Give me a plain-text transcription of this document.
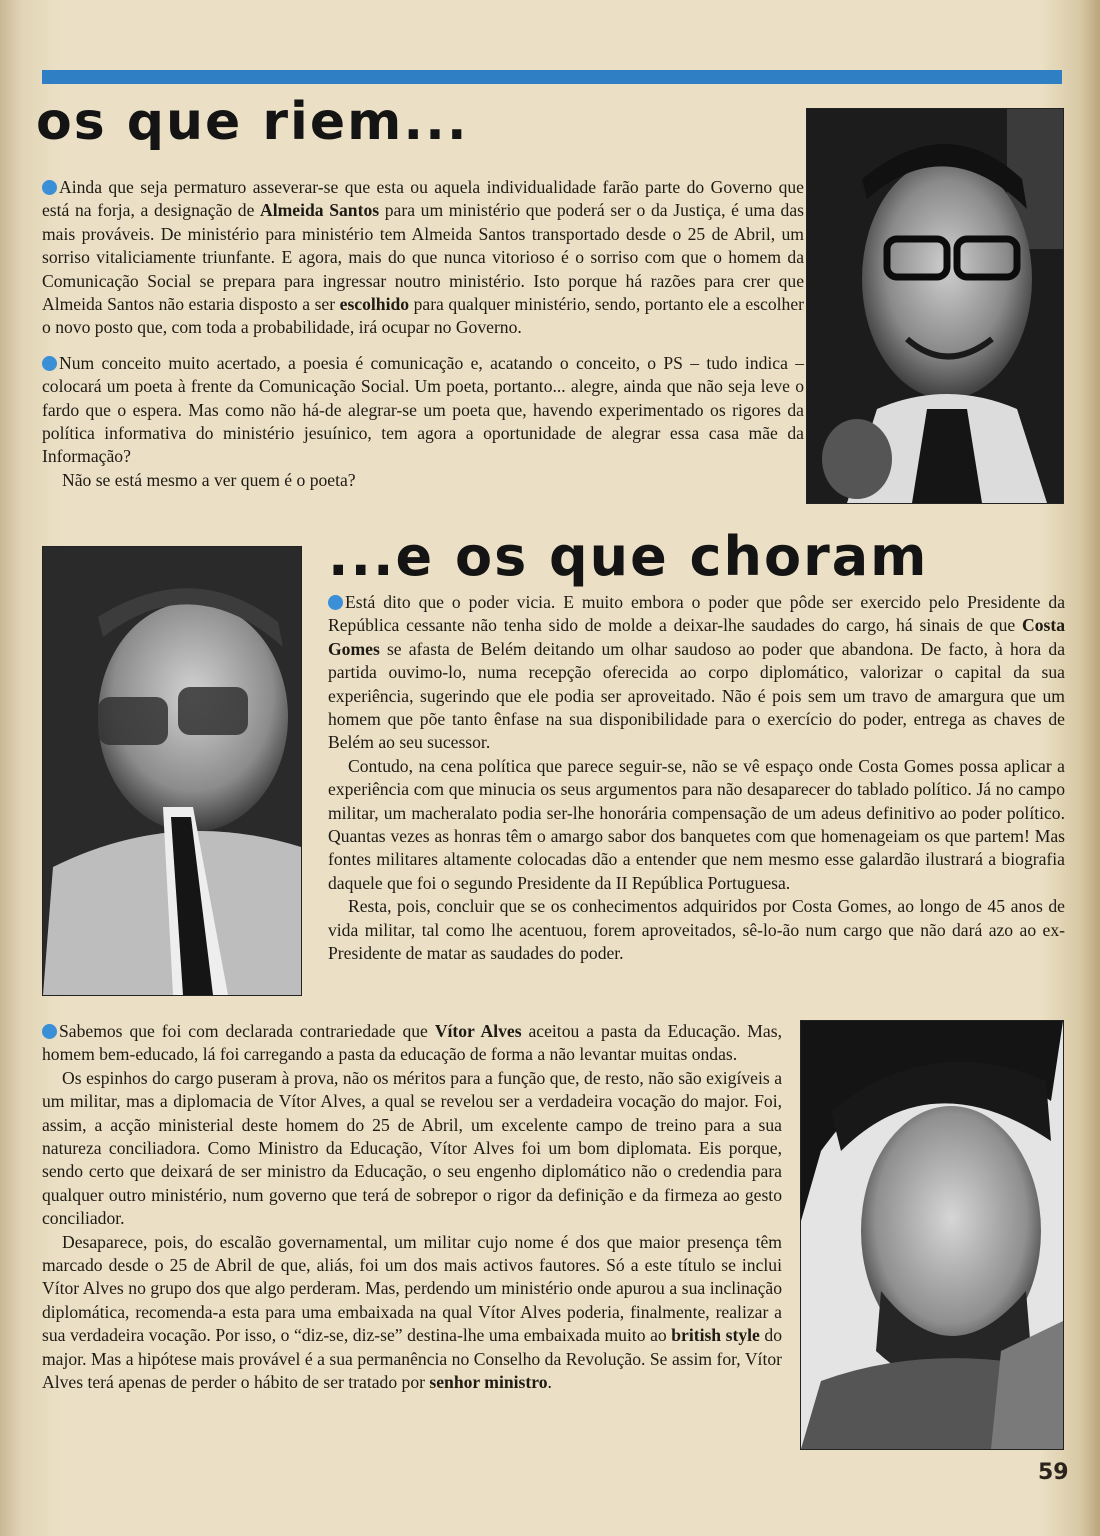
os que riem...

Ainda que seja permaturo asseverar-se que esta ou aquela individualidade farão parte do Governo que está na forja, a designação de Almeida Santos para um ministério que poderá ser o da Justiça, é uma das mais prováveis. De ministério para ministério tem Almeida Santos transportado desde o 25 de Abril, um sorriso vitaliciamente triunfante. E agora, mais do que nunca vitorioso é o sorriso com que o homem da Comunicação Social se prepara para ingressar noutro ministério. Isto porque há razões para crer que Almeida Santos não estaria disposto a ser escolhido para qualquer ministério, sendo, portanto ele a escolher o novo posto que, com toda a probabilidade, irá ocupar no Governo.

Num conceito muito acertado, a poesia é comunicação e, acatando o conceito, o PS – tudo indica – colocará um poeta à frente da Comunicação Social. Um poeta, portanto... alegre, ainda que não seja leve o fardo que o espera. Mas como não há-de alegrar-se um poeta que, havendo experimentado os rigores da política informativa do ministério jesuínico, tem agora a oportunidade de alegrar essa casa mãe da Informação?

Não se está mesmo a ver quem é o poeta?

...e os que choram

Está dito que o poder vicia. E muito embora o poder que pôde ser exercido pelo Presidente da República cessante não tenha sido de molde a deixar-lhe saudades do cargo, há sinais de que Costa Gomes se afasta de Belém deitando um olhar saudoso ao poder que abandona. De facto, à hora da partida ouvimo-lo, numa recepção oferecida ao corpo diplomático, valorizar o capital da sua experiência, sugerindo que ele podia ser aproveitado. Não é pois sem um travo de amargura que um homem que põe tanto ênfase na sua disponibilidade para o exercício do poder, entrega as chaves de Belém ao seu sucessor.

Contudo, na cena política que parece seguir-se, não se vê espaço onde Costa Gomes possa aplicar a experiência com que minucia os seus argumentos para não desaparecer do tablado político. Já no campo militar, um macheralato podia ser-lhe honorária compensação de um adeus definitivo ao poder político. Quantas vezes as honras têm o amargo sabor dos banquetes com que homenageiam os que partem! Mas fontes militares altamente colocadas dão a entender que nem mesmo esse galardão ilustrará a biografia daquele que foi o segundo Presidente da II República Portuguesa.

Resta, pois, concluir que se os conhecimentos adquiridos por Costa Gomes, ao longo de 45 anos de vida militar, tal como lhe acentuou, forem aproveitados, sê-lo-ão num cargo que não dará azo ao ex-Presidente de matar as saudades do poder.

Sabemos que foi com declarada contrariedade que Vítor Alves aceitou a pasta da Educação. Mas, homem bem-educado, lá foi carregando a pasta da educação de forma a não levantar muitas ondas.

Os espinhos do cargo puseram à prova, não os méritos para a função que, de resto, não são exigíveis a um militar, mas a diplomacia de Vítor Alves, a qual se revelou ser a verdadeira vocação do major. Foi, assim, a acção ministerial deste homem do 25 de Abril, um excelente campo de treino para a sua natureza conciliadora. Como Ministro da Educação, Vítor Alves foi um bom diplomata. Eis porque, sendo certo que deixará de ser ministro da Educação, o seu engenho diplomático não o credendia para qualquer outro ministério, num governo que terá de sobrepor o rigor da definição e da firmeza ao gesto conciliador.

Desaparece, pois, do escalão governamental, um militar cujo nome é dos que maior presença têm marcado desde o 25 de Abril de que, aliás, foi um dos mais activos fautores. Só a este título se inclui Vítor Alves no grupo dos que algo perderam. Mas, perdendo um ministério onde apurou a sua inclinação diplomática, recomenda-a esta para uma embaixada na qual Vítor Alves poderia, finalmente, realizar a sua verdadeira vocação. Por isso, o “diz-se, diz-se” destina-lhe uma embaixada muito ao british style do major. Mas a hipótese mais provável é a sua permanência no Conselho da Revolução. Se assim for, Vítor Alves terá apenas de perder o hábito de ser tratado por senhor ministro.

59
